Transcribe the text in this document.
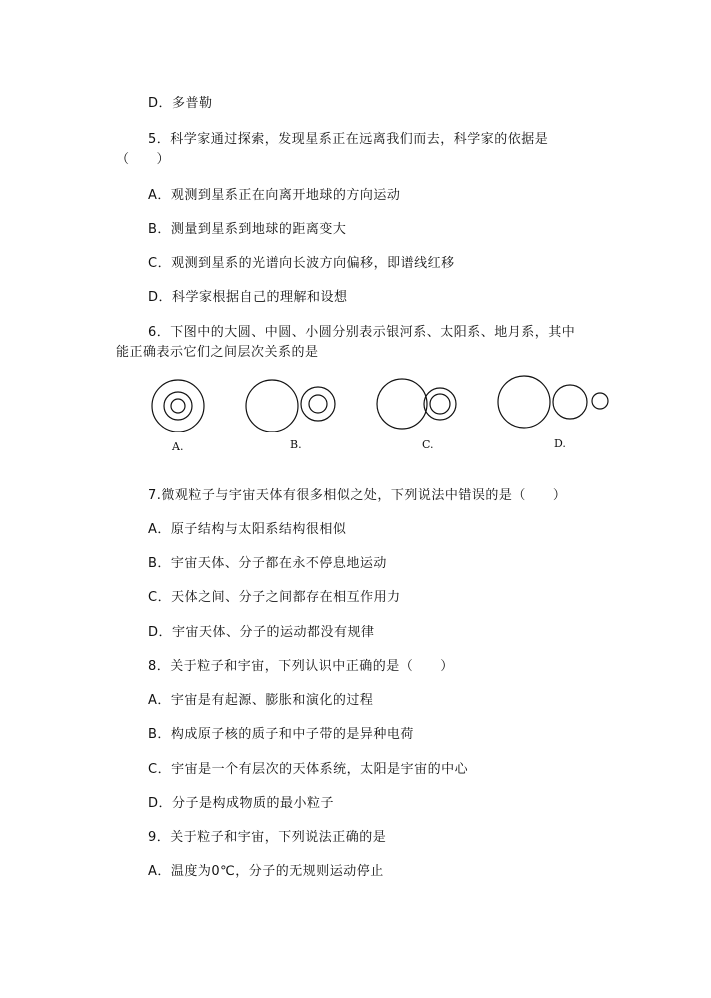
D．多普勒
5．科学家通过探索，发现星系正在远离我们而去，科学家的依据是
（　　）
A．观测到星系正在向离开地球的方向运动
B．测量到星系到地球的距离变大
C．观测到星系的光谱向长波方向偏移，即谱线红移
D．科学家根据自己的理解和设想
6．下图中的大圆、中圆、小圆分别表示银河系、太阳系、地月系，其中
能正确表示它们之间层次关系的是
A.	B.	C.	D.
7.微观粒子与宇宙天体有很多相似之处，下列说法中错误的是（　　）
A．原子结构与太阳系结构很相似
B．宇宙天体、分子都在永不停息地运动
C．天体之间、分子之间都存在相互作用力
D．宇宙天体、分子的运动都没有规律
8．关于粒子和宇宙，下列认识中正确的是（　　）
A．宇宙是有起源、膨胀和演化的过程
B．构成原子核的质子和中子带的是异种电荷
C．宇宙是一个有层次的天体系统，太阳是宇宙的中心
D．分子是构成物质的最小粒子
9．关于粒子和宇宙，下列说法正确的是
A．温度为0℃，分子的无规则运动停止
